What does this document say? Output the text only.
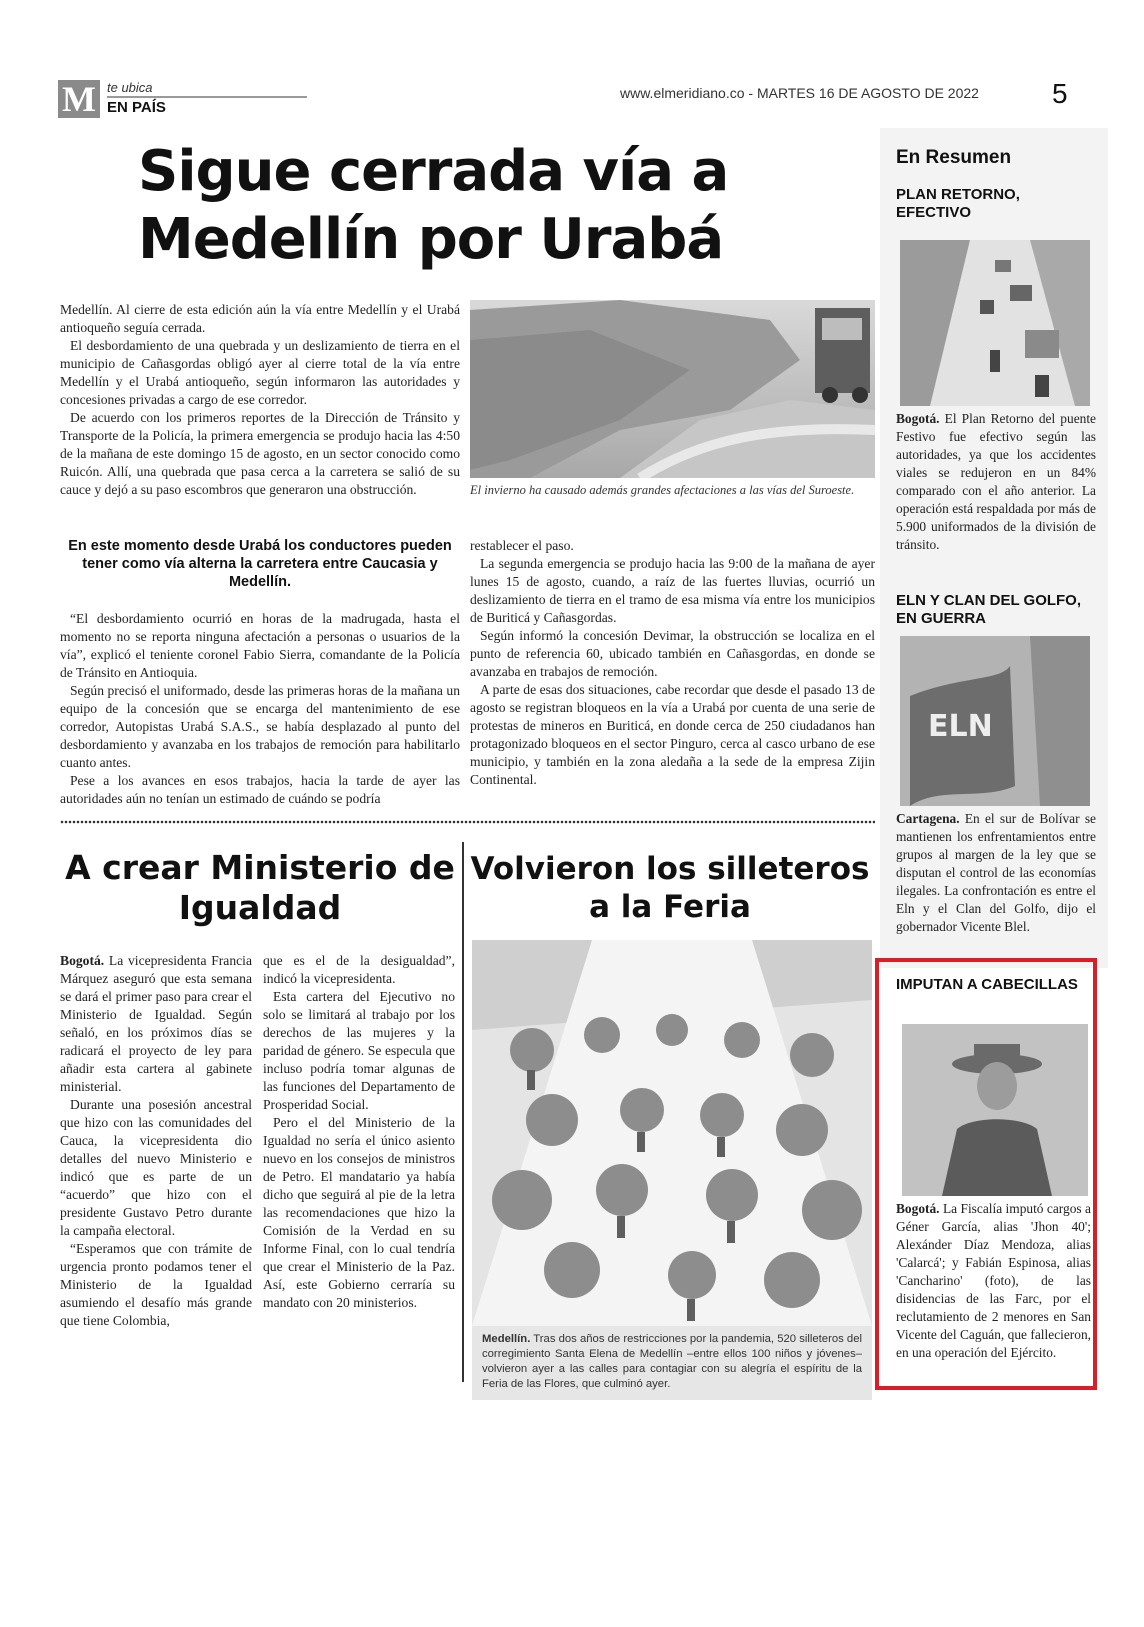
M te ubica
EN PAÍS
www.elmeridiano.co - MARTES 16 DE AGOSTO DE 2022	5
Sigue cerrada vía a Medellín por Urabá

Medellín. Al cierre de esta edición aún la vía entre Medellín y el Urabá antioqueño seguía cerrada.

El desbordamiento de una quebrada y un deslizamiento de tierra en el municipio de Cañasgordas obligó ayer al cierre total de la vía entre Medellín y el Urabá antioqueño, según informaron las autoridades y concesiones privadas a cargo de ese corredor.

De acuerdo con los primeros reportes de la Dirección de Tránsito y Transporte de la Policía, la primera emergencia se produjo hacia las 4:50 de la mañana de este domingo 15 de agosto, en un sector conocido como Ruicón. Allí, una quebrada que pasa cerca a la carretera se salió de su cauce y dejó a su paso escombros que generaron una obstrucción.	El invierno ha causado además grandes afectaciones a las vías del Suroeste.
En este momento desde Urabá los conductores pueden tener como vía alterna la carretera entre Caucasia y Medellín.

“El desbordamiento ocurrió en horas de la madrugada, hasta el momento no se reporta ninguna afectación a personas o usuarios de la vía”, explicó el teniente coronel Fabio Sierra, comandante de la Policía de Tránsito en Antioquia.

Según precisó el uniformado, desde las primeras horas de la mañana un equipo de la concesión que se encarga del mantenimiento de ese corredor, Autopistas Urabá S.A.S., se había desplazado al punto del desbordamiento y avanzaba en los trabajos de remoción para habilitarlo cuanto antes.

Pese a los avances en esos trabajos, hacia la tarde de ayer las autoridades aún no tenían un estimado de cuándo se podría

restablecer el paso.

La segunda emergencia se produjo hacia las 9:00 de la mañana de ayer lunes 15 de agosto, cuando, a raíz de las fuertes lluvias, ocurrió un deslizamiento de tierra en el tramo de esa misma vía entre los municipios de Buriticá y Cañasgordas.

Según informó la concesión Devimar, la obstrucción se localiza en el punto de referencia 60, ubicado también en Cañasgordas, en donde se avanzaba en trabajos de remoción.

A parte de esas dos situaciones, cabe recordar que desde el pasado 13 de agosto se registran bloqueos en la vía a Urabá por cuenta de una serie de protestas de mineros en Buriticá, en donde cerca de 250 ciudadanos han protagonizado bloqueos en el sector Pinguro, cerca al casco urbano de ese municipio, y también en la zona aledaña a la sede de la empresa Zijin Continental.

A crear Ministerio de Igualdad

Bogotá. La vicepresidenta Francia Márquez aseguró que esta semana se dará el primer paso para crear el Ministerio de Igualdad. Según señaló, en los próximos días se radicará el proyecto de ley para añadir esta cartera al gabinete ministerial.

Durante una posesión ancestral que hizo con las comunidades del Cauca, la vicepresidenta dio detalles del nuevo Ministerio e indicó que es parte de un “acuerdo” que hizo con el presidente Gustavo Petro durante la campaña electoral.

“Esperamos que con trámite de urgencia pronto podamos tener el Ministerio de la Igualdad asumiendo el desafío más grande que tiene Colombia,

que es el de la desigualdad”, indicó la vicepresidenta.

Esta cartera del Ejecutivo no solo se limitará al trabajo por los derechos de las mujeres y la paridad de género. Se especula que incluso podría tomar algunas de las funciones del Departamento de Prosperidad Social.

Pero el del Ministerio de la Igualdad no sería el único asiento nuevo en los consejos de ministros de Petro. El mandatario ya había dicho que seguirá al pie de la letra las recomendaciones que hizo la Comisión de la Verdad en su Informe Final, con lo cual tendría que crear el Ministerio de la Paz. Así, este Gobierno cerraría su mandato con 20 ministerios.

Volvieron los silleteros a la Feria
Medellín. Tras dos años de restricciones por la pandemia, 520 silleteros del corregimiento Santa Elena de Medellín –entre ellos 100 niños y jóvenes– volvieron ayer a las calles para contagiar con su alegría el espíritu de la Feria de las Flores, que culminó ayer.
En Resumen
PLAN RETORNO, EFECTIVO
Bogotá. El Plan Retorno del puente Festivo fue efectivo según las autoridades, ya que los accidentes viales se redujeron en un 84% comparado con el año anterior. La operación está respaldada por más de 5.900 uniformados de la división de tránsito.
ELN Y CLAN DEL GOLFO, EN GUERRA
ELN
Cartagena. En el sur de Bolívar se mantienen los enfrentamientos entre grupos al margen de la ley que se disputan el control de las economías ilegales. La confrontación es entre el Eln y el Clan del Golfo, dijo el gobernador Vicente Blel.
IMPUTAN A CABECILLAS
Bogotá. La Fiscalía imputó cargos a Géner García, alias 'Jhon 40'; Alexánder Díaz Mendoza, alias 'Calarcá'; y Fabián Espinosa, alias 'Cancharino' (foto), de las disidencias de las Farc, por el reclutamiento de 2 menores en San Vicente del Caguán, que fallecieron, en una operación del Ejército.
